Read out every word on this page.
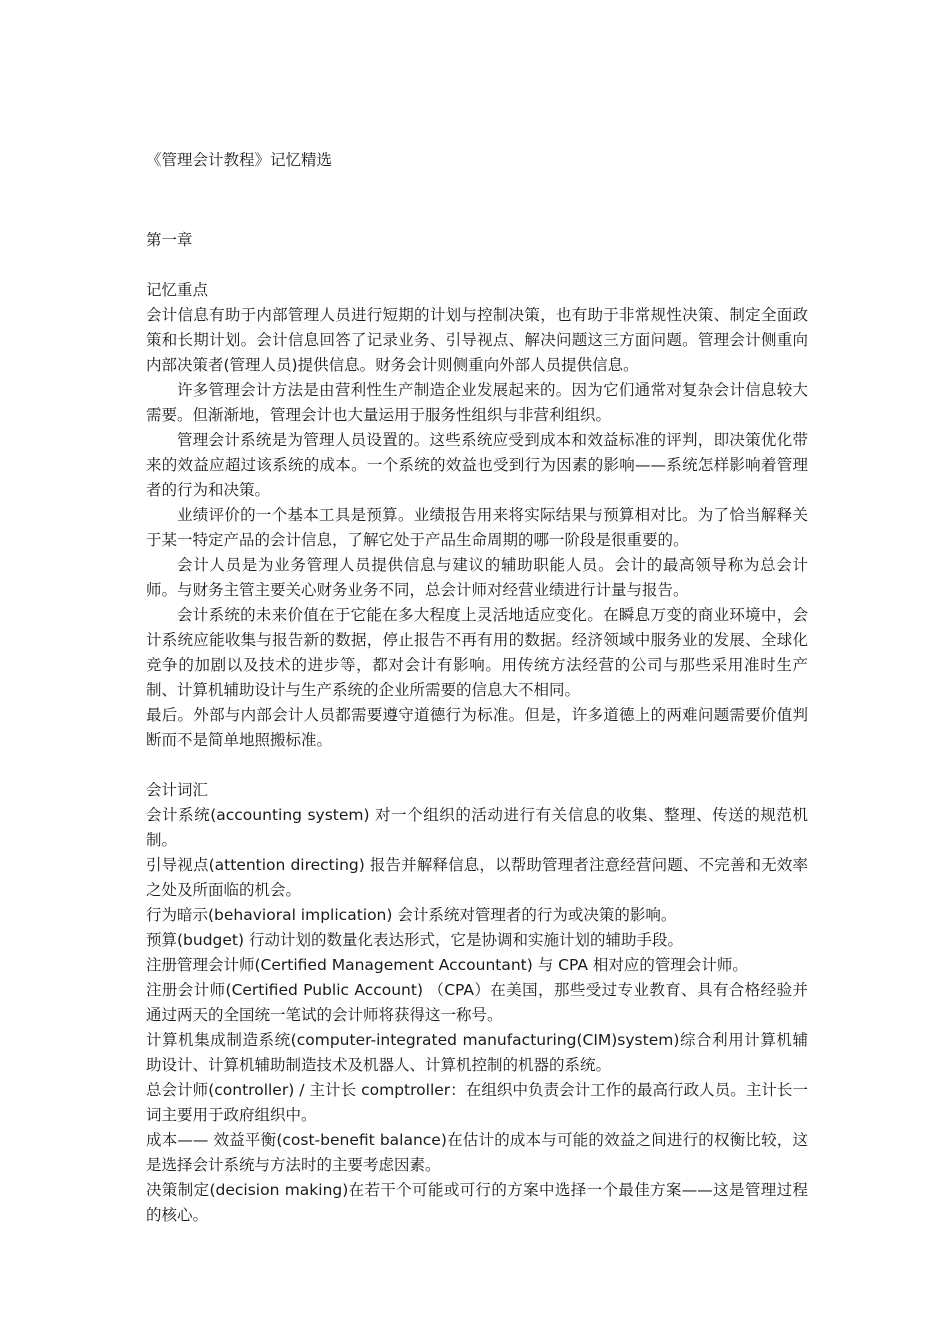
《管理会计教程》记忆精选
第一章
记忆重点

会计信息有助于内部管理人员进行短期的计划与控制决策，也有助于非常规性决策、制定全面政策和长期计划。会计信息回答了记录业务、引导视点、解决问题这三方面问题。管理会计侧重向内部决策者(管理人员)提供信息。财务会计则侧重向外部人员提供信息。

许多管理会计方法是由营利性生产制造企业发展起来的。因为它们通常对复杂会计信息较大需要。但渐渐地，管理会计也大量运用于服务性组织与非营利组织。

管理会计系统是为管理人员设置的。这些系统应受到成本和效益标准的评判，即决策优化带来的效益应超过该系统的成本。一个系统的效益也受到行为因素的影响——系统怎样影响着管理者的行为和决策。

业绩评价的一个基本工具是预算。业绩报告用来将实际结果与预算相对比。为了恰当解释关于某一特定产品的会计信息，了解它处于产品生命周期的哪一阶段是很重要的。

会计人员是为业务管理人员提供信息与建议的辅助职能人员。会计的最高领导称为总会计师。与财务主管主要关心财务业务不同，总会计师对经营业绩进行计量与报告。

会计系统的未来价值在于它能在多大程度上灵活地适应变化。在瞬息万变的商业环境中，会计系统应能收集与报告新的数据，停止报告不再有用的数据。经济领域中服务业的发展、全球化竞争的加剧以及技术的进步等，都对会计有影响。用传统方法经营的公司与那些采用准时生产制、计算机辅助设计与生产系统的企业所需要的信息大不相同。

最后。外部与内部会计人员都需要遵守道德行为标准。但是，许多道德上的两难问题需要价值判断而不是简单地照搬标准。

会计词汇
会计系统(accounting system) 对一个组织的活动进行有关信息的收集、整理、传送的规范机制。
引导视点(attention directing) 报告并解释信息，以帮助管理者注意经营问题、不完善和无效率之处及所面临的机会。
行为暗示(behavioral implication) 会计系统对管理者的行为或决策的影响。
预算(budget) 行动计划的数量化表达形式，它是协调和实施计划的辅助手段。
注册管理会计师(Certified Management Accountant) 与 CPA 相对应的管理会计师。
注册会计师(Certified Public Account) （CPA）在美国，那些受过专业教育、具有合格经验并通过两天的全国统一笔试的会计师将获得这一称号。
计算机集成制造系统(computer-integrated manufacturing(CIM)system)综合利用计算机辅助设计、计算机辅助制造技术及机器人、计算机控制的机器的系统。
总会计师(controller) / 主计长 comptroller：在组织中负责会计工作的最高行政人员。主计长一词主要用于政府组织中。
成本—— 效益平衡(cost-benefit balance)在估计的成本与可能的效益之间进行的权衡比较，这是选择会计系统与方法时的主要考虑因素。
决策制定(decision making)在若干个可能或可行的方案中选择一个最佳方案——这是管理过程的核心。
